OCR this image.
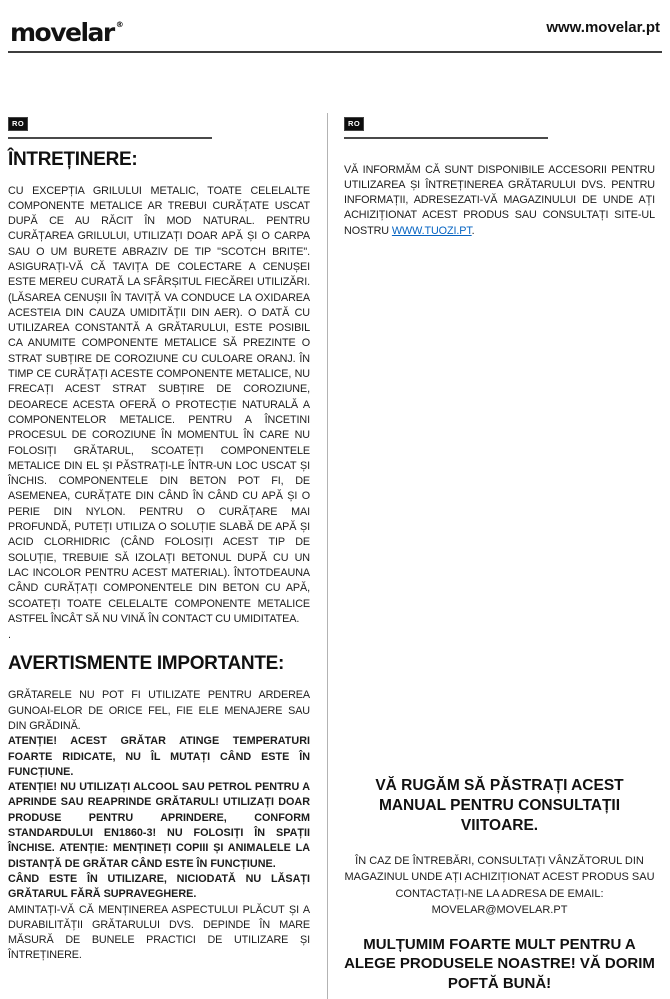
movelar ®	www.movelar.pt
RO
ÎNTREȚINERE:

CU EXCEPȚIA GRILULUI METALIC, TOATE CELELALTE COMPONENTE METALICE AR TREBUI CURĂȚATE USCAT DUPĂ CE AU RĂCIT ÎN MOD NATURAL. PENTRU CURĂȚAREA GRILULUI, UTILIZAȚI DOAR APĂ ȘI O CARPA SAU O UM BURETE ABRAZIV DE TIP "SCOTCH BRITE". ASIGURAȚI-VĂ CĂ TAVIȚA DE COLECTARE A CENUȘEI ESTE MEREU CURATĂ LA SFÂRȘITUL FIECĂREI UTILIZĂRI. (LĂSAREA CENUȘII ÎN TAVIȚĂ VA CONDUCE LA OXIDAREA ACESTEIA DIN CAUZA UMIDITĂȚII DIN AER). O DATĂ CU UTILIZAREA CONSTANTĂ A GRĂTARULUI, ESTE POSIBIL CA ANUMITE COMPONENTE METALICE SĂ PREZINTE O STRAT SUBȚIRE DE COROZIUNE CU CULOARE ORANJ. ÎN TIMP CE CURĂȚAȚI ACESTE COMPONENTE METALICE, NU FRECAȚI ACEST STRAT SUBȚIRE DE COROZIUNE, DEOARECE ACESTA OFERĂ O PROTECȚIE NATURALĂ A COMPONENTELOR METALICE. PENTRU A ÎNCETINI PROCESUL DE COROZIUNE ÎN MOMENTUL ÎN CARE NU FOLOSIȚI GRĂTARUL, SCOATEȚI COMPONENTELE METALICE DIN EL ȘI PĂSTRAȚI-LE ÎNTR-UN LOC USCAT ȘI ÎNCHIS. COMPONENTELE DIN BETON POT FI, DE ASEMENEA, CURĂȚATE DIN CÂND ÎN CÂND CU APĂ ȘI O PERIE DIN NYLON. PENTRU O CURĂȚARE MAI PROFUNDĂ, PUTEȚI UTILIZA O SOLUȚIE SLABĂ DE APĂ ȘI ACID CLORHIDRIC (CÂND FOLOSIȚI ACEST TIP DE SOLUȚIE, TREBUIE SĂ IZOLAȚI BETONUL DUPĂ CU UN LAC INCOLOR PENTRU ACEST MATERIAL). ÎNTOTDEAUNA CÂND CURĂȚAȚI COMPONENTELE DIN BETON CU APĂ, SCOATEȚI TOATE CELELALTE COMPONENTE METALICE ASTFEL ÎNCÂT SĂ NU VINĂ ÎN CONTACT CU UMIDITATEA.

.

AVERTISMENTE IMPORTANTE:
GRĂTARELE NU POT FI UTILIZATE PENTRU ARDEREA GUNOAI-ELOR DE ORICE FEL, FIE ELE MENAJERE SAU DIN GRĂDINĂ.
ATENȚIE! ACEST GRĂTAR ATINGE TEMPERATURI FOARTE RIDICATE, NU ÎL MUTAȚI CÂND ESTE ÎN FUNCȚIUNE.
ATENȚIE! NU UTILIZAȚI ALCOOL SAU PETROL PENTRU A APRINDE SAU REAPRINDE GRĂTARUL! UTILIZAȚI DOAR PRODUSE PENTRU APRINDERE, CONFORM STANDARDULUI EN1860-3! NU FOLOSIȚI ÎN SPAȚII ÎNCHISE. ATENȚIE: MENȚINEȚI COPIII ȘI ANIMALELE LA DISTANȚĂ DE GRĂTAR CÂND ESTE ÎN FUNCȚIUNE.
CÂND ESTE ÎN UTILIZARE, NICIODATĂ NU LĂSAȚI GRĂTARUL FĂRĂ SUPRAVEGHERE.
AMINTAȚI-VĂ CĂ MENȚINEREA ASPECTULUI PLĂCUT ȘI A DURABILITĂȚII GRĂTARULUI DVS. DEPINDE ÎN MARE MĂSURĂ DE BUNELE PRACTICI DE UTILIZARE ȘI ÎNTREȚINERE.
RO

VĂ INFORMĂM CĂ SUNT DISPONIBILE ACCESORII PENTRU UTILIZAREA ȘI ÎNTREȚINEREA GRĂTARULUI DVS. PENTRU INFORMAȚII, ADRESEZATI-VĂ MAGAZINULUI DE UNDE AȚI ACHIZIȚIONAT ACEST PRODUS SAU CONSULTAȚI SITE-UL NOSTRU WWW.TUOZI.PT.

VĂ RUGĂM SĂ PĂSTRAȚI ACEST MANUAL PENTRU CONSULTAȚII VIITOARE.

ÎN CAZ DE ÎNTREBĂRI, CONSULTAȚI VÂNZĂTORUL DIN MAGAZINUL UNDE AȚI ACHIZIȚIONAT ACEST PRODUS SAU CONTACTAȚI-NE LA ADRESA DE EMAIL:

MOVELAR@MOVELAR.PT

MULȚUMIM FOARTE MULT PENTRU A ALEGE PRODUSELE NOASTRE! VĂ DORIM POFTĂ BUNĂ!
